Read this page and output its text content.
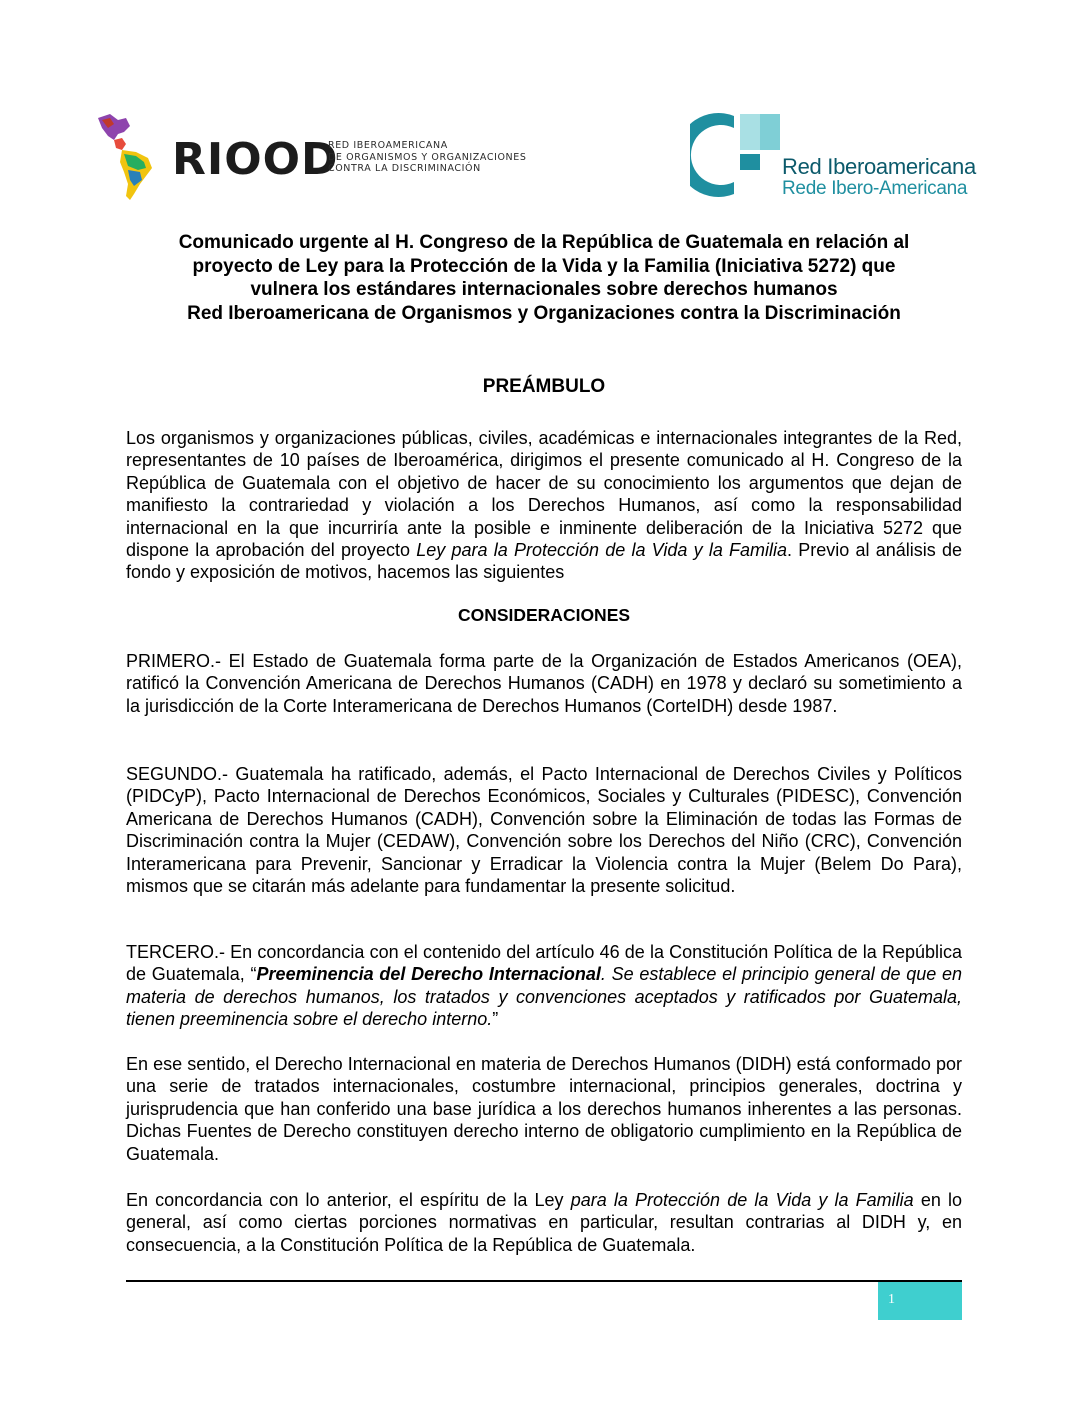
RIOOD
RED IBEROAMERICANA
DE ORGANISMOS Y ORGANIZACIONES
CONTRA LA DISCRIMINACIÓN	Red Iberoamericana
Rede Ibero-Americana
Comunicado urgente al H. Congreso de la República de Guatemala en relación al
proyecto de Ley para la Protección de la Vida y la Familia (Iniciativa 5272) que
vulnera los estándares internacionales sobre derechos humanos
Red Iberoamericana de Organismos y Organizaciones contra la Discriminación
PREÁMBULO
Los organismos y organizaciones públicas, civiles, académicas e internacionales integrantes de la Red, representantes de 10 países de Iberoamérica, dirigimos el presente comunicado al H. Congreso de la República de Guatemala con el objetivo de hacer de su conocimiento los argumentos que dejan de manifiesto la contrariedad y violación a los Derechos Humanos, así como la responsabilidad internacional en la que incurriría ante la posible e inminente deliberación de la Iniciativa 5272 que dispone la aprobación del proyecto Ley para la Protección de la Vida y la Familia. Previo al análisis de fondo y exposición de motivos, hacemos las siguientes
CONSIDERACIONES
PRIMERO.- El Estado de Guatemala forma parte de la Organización de Estados Americanos (OEA), ratificó la Convención Americana de Derechos Humanos (CADH) en 1978 y declaró su sometimiento a la jurisdicción de la Corte Interamericana de Derechos Humanos (CorteIDH) desde 1987.
SEGUNDO.- Guatemala ha ratificado, además, el Pacto Internacional de Derechos Civiles y Políticos (PIDCyP), Pacto Internacional de Derechos Económicos, Sociales y Culturales (PIDESC), Convención Americana de Derechos Humanos (CADH), Convención sobre la Eliminación de todas las Formas de Discriminación contra la Mujer (CEDAW), Convención sobre los Derechos del Niño (CRC), Convención Interamericana para Prevenir, Sancionar y Erradicar la Violencia contra la Mujer (Belem Do Para), mismos que se citarán más adelante para fundamentar la presente solicitud.
TERCERO.- En concordancia con el contenido del artículo 46 de la Constitución Política de la República de Guatemala, “Preeminencia del Derecho Internacional. Se establece el principio general de que en materia de derechos humanos, los tratados y convenciones aceptados y ratificados por Guatemala, tienen preeminencia sobre el derecho interno.”
En ese sentido, el Derecho Internacional en materia de Derechos Humanos (DIDH) está conformado por una serie de tratados internacionales, costumbre internacional, principios generales, doctrina y jurisprudencia que han conferido una base jurídica a los derechos humanos inherentes a las personas. Dichas Fuentes de Derecho constituyen derecho interno de obligatorio cumplimiento en la República de Guatemala.
En concordancia con lo anterior, el espíritu de la Ley para la Protección de la Vida y la Familia en lo general, así como ciertas porciones normativas en particular, resultan contrarias al DIDH y, en consecuencia, a la Constitución Política de la República de Guatemala.
1
